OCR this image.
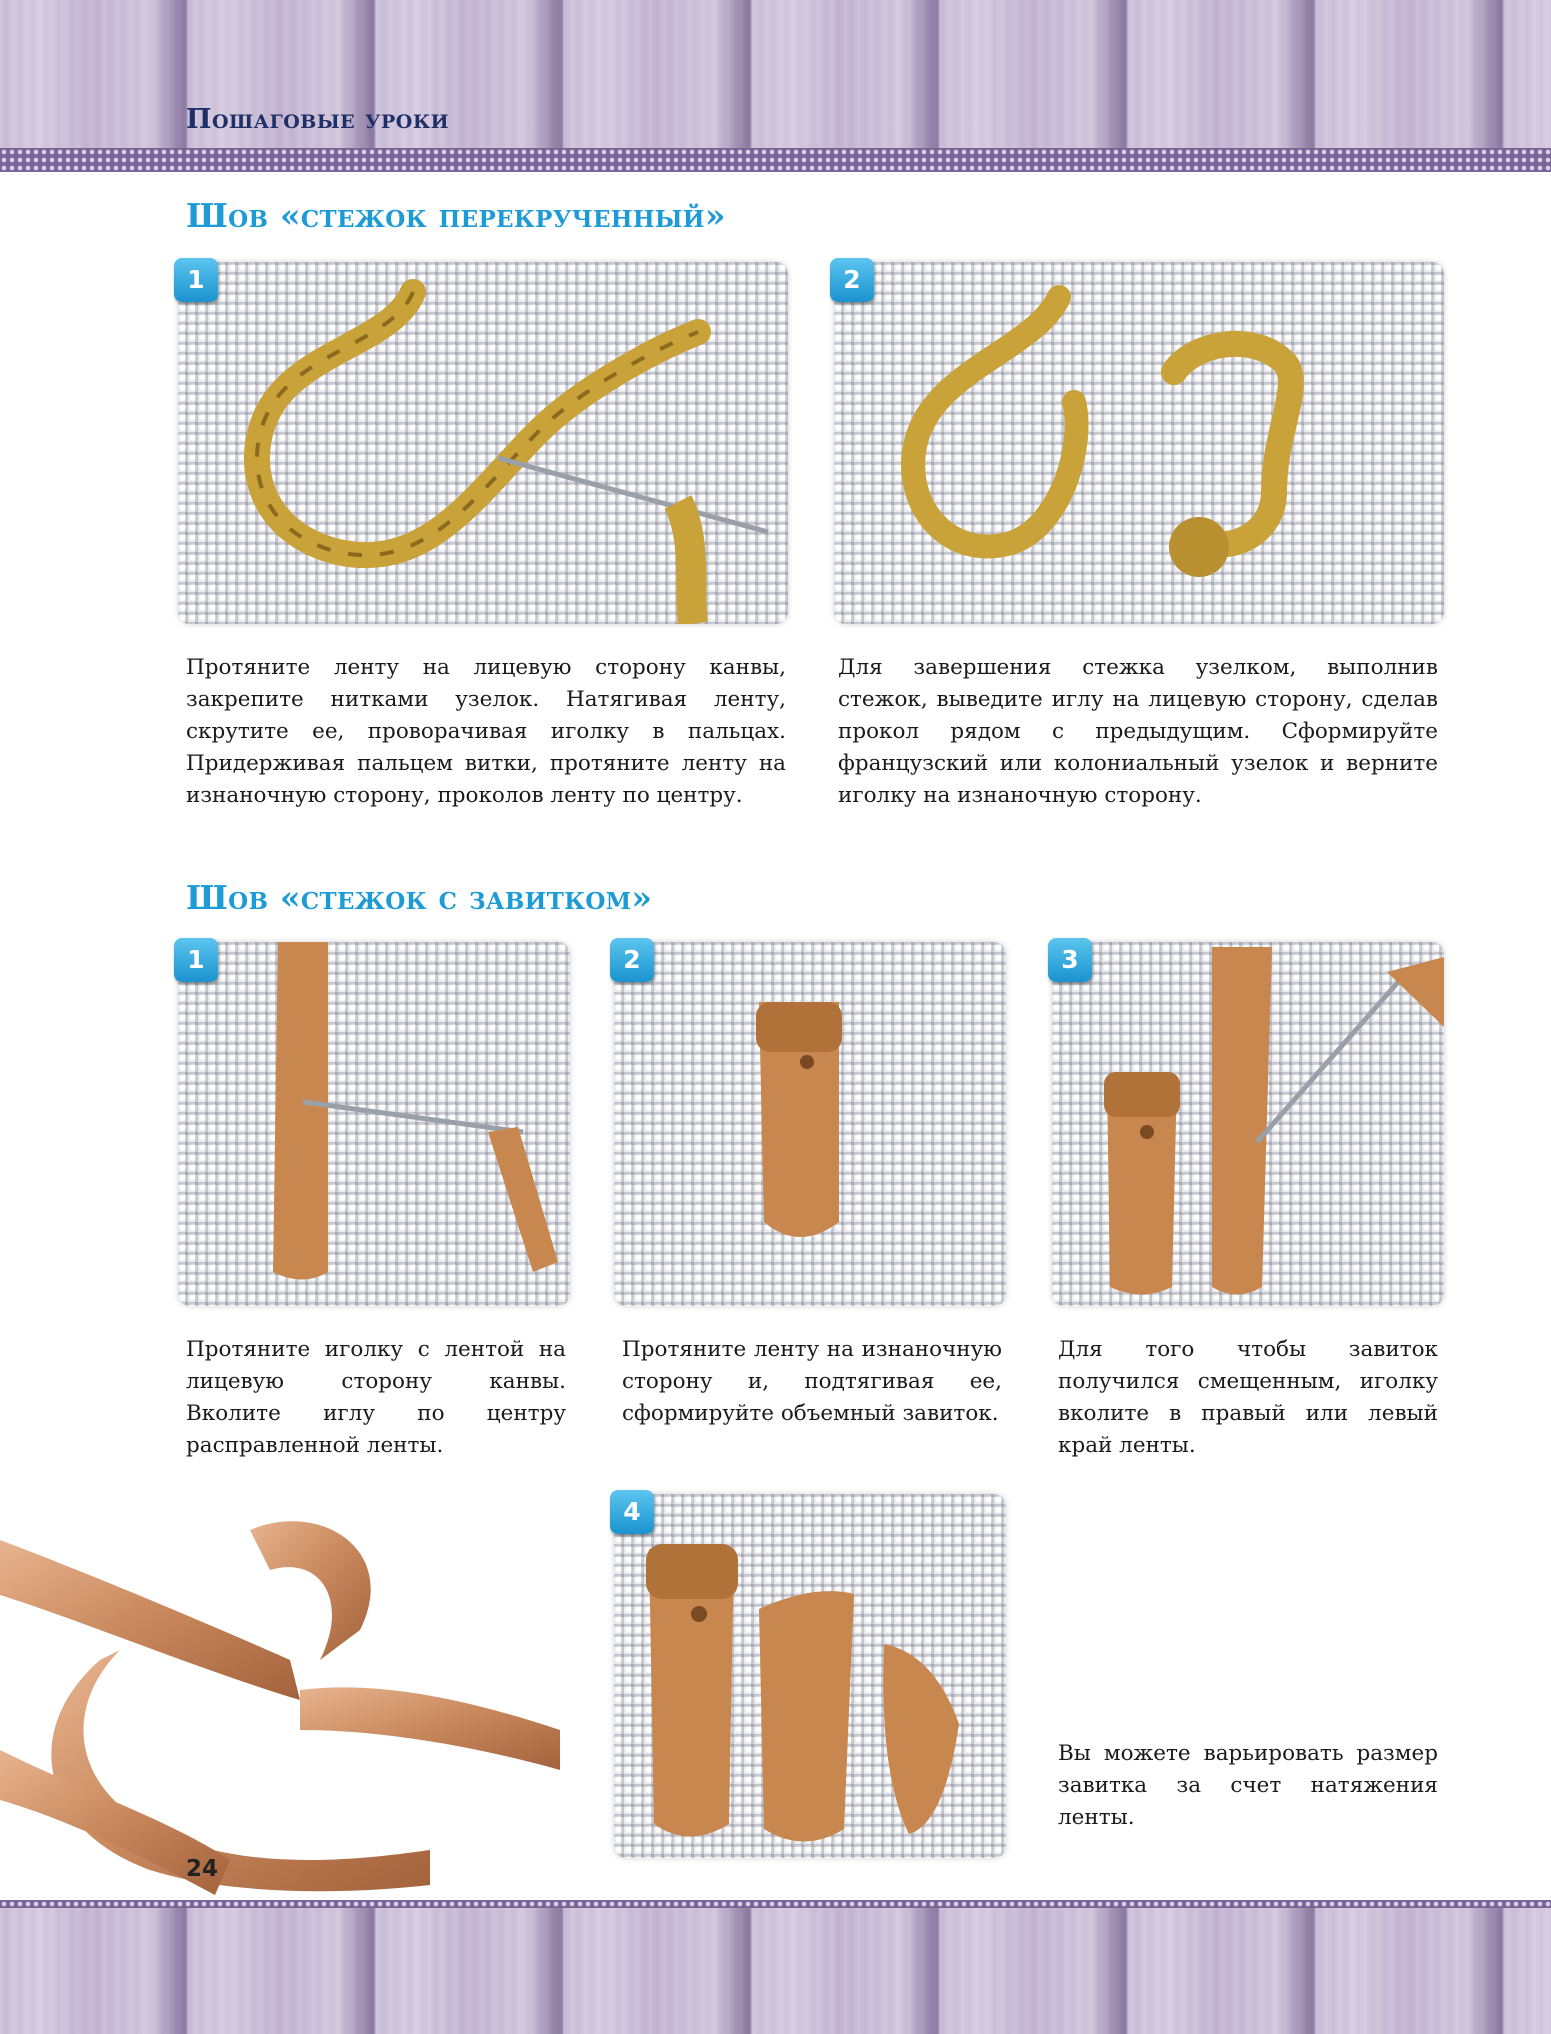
Пошаговые уроки
Шов «стежок перекрученный»
1	2

Протяните ленту на лицевую сторону канвы, закрепите нитками узелок. Натягивая ленту, скрутите ее, проворачивая иголку в пальцах. Придерживая пальцем витки, протяните ленту на изнаночную сторону, проколов ленту по центру.

Для завершения стежка узелком, выполнив стежок, выведите иглу на лицевую сторону, сделав прокол рядом с предыдущим. Сформируйте французский или колониальный узелок и верните иголку на изнаночную сторону.

Шов «стежок с завитком»
1	2	3

Протяните иголку с лентой на лицевую сторону канвы. Вколите иглу по центру расправленной ленты.

Протяните ленту на изнаночную сторону и, подтягивая ее, сформируйте объемный завиток.

Для того чтобы завиток получился смещенным, иголку вколите в правый или левый край ленты.

4

Вы можете варьировать размер завитка за счет натяжения ленты.

24
